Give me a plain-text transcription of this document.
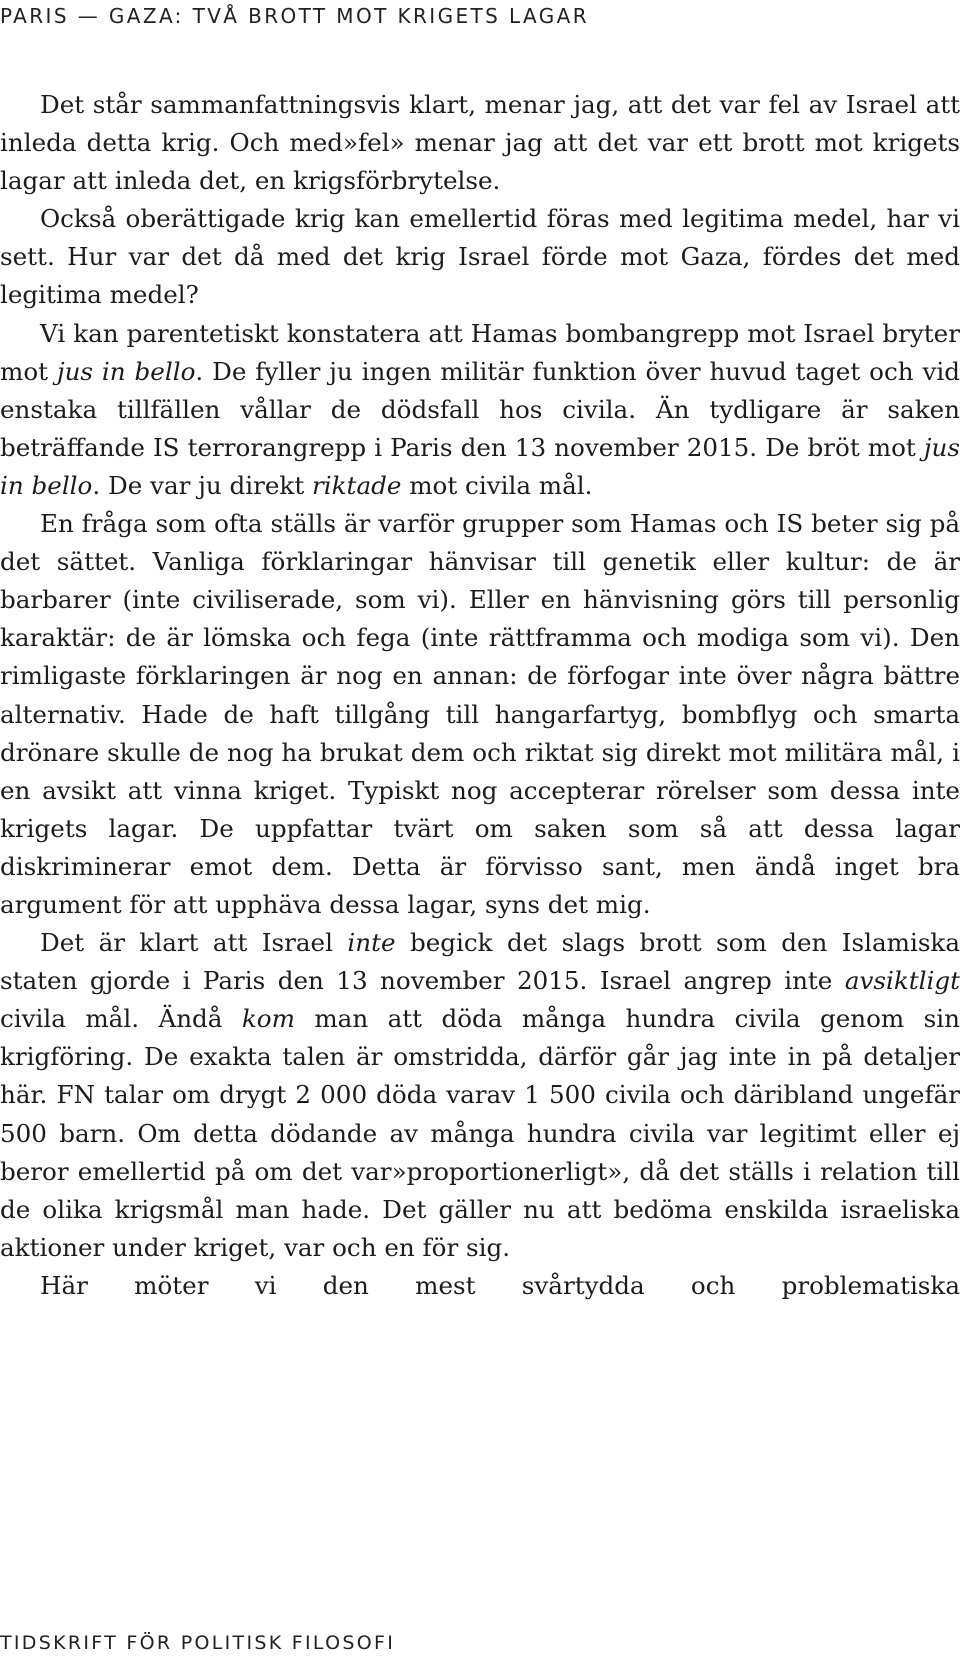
PARIS — GAZA: TVÅ BROTT MOT KRIGETS LAGAR

Det står sammanfattningsvis klart, menar jag, att det var fel av Israel att inleda detta krig. Och med»fel» menar jag att det var ett brott mot krigets lagar att inleda det, en krigsförbrytelse.

Också oberättigade krig kan emellertid föras med legitima medel, har vi sett. Hur var det då med det krig Israel förde mot Gaza, fördes det med legitima medel?

Vi kan parentetiskt konstatera att Hamas bombangrepp mot Israel bryter mot jus in bello. De fyller ju ingen militär funktion över huvud taget och vid enstaka tillfällen vållar de dödsfall hos civila. Än tydligare är saken beträffande IS terrorangrepp i Paris den 13 november 2015. De bröt mot jus in bello. De var ju direkt riktade mot civila mål.

En fråga som ofta ställs är varför grupper som Hamas och IS beter sig på det sättet. Vanliga förklaringar hänvisar till genetik eller kultur: de är barbarer (inte civiliserade, som vi). Eller en hänvisning görs till personlig karaktär: de är lömska och fega (inte rättframma och modiga som vi). Den rimligaste förklaringen är nog en annan: de förfogar inte över några bättre alternativ. Hade de haft tillgång till hangarfartyg, bombflyg och smarta drönare skulle de nog ha brukat dem och riktat sig direkt mot militära mål, i en avsikt att vinna kriget. Typiskt nog accepterar rörelser som dessa inte krigets lagar. De uppfattar tvärt om saken som så att dessa lagar diskriminerar emot dem. Detta är förvisso sant, men ändå inget bra argument för att upphäva dessa lagar, syns det mig.

Det är klart att Israel inte begick det slags brott som den Islamiska staten gjorde i Paris den 13 november 2015. Israel angrep inte avsiktligt civila mål. Ändå kom man att döda många hundra civila genom sin krigföring. De exakta talen är omstridda, därför går jag inte in på detaljer här. FN talar om drygt 2 000 döda varav 1 500 civila och däribland ungefär 500 barn. Om detta dödande av många hundra civila var legitimt eller ej beror emellertid på om det var»proportionerligt», då det ställs i relation till de olika krigsmål man hade. Det gäller nu att bedöma enskilda israeliska aktioner under kriget, var och en för sig.

Här möter vi den mest svårtydda och problematiska

TIDSKRIFT FÖR POLITISK FILOSOFI
